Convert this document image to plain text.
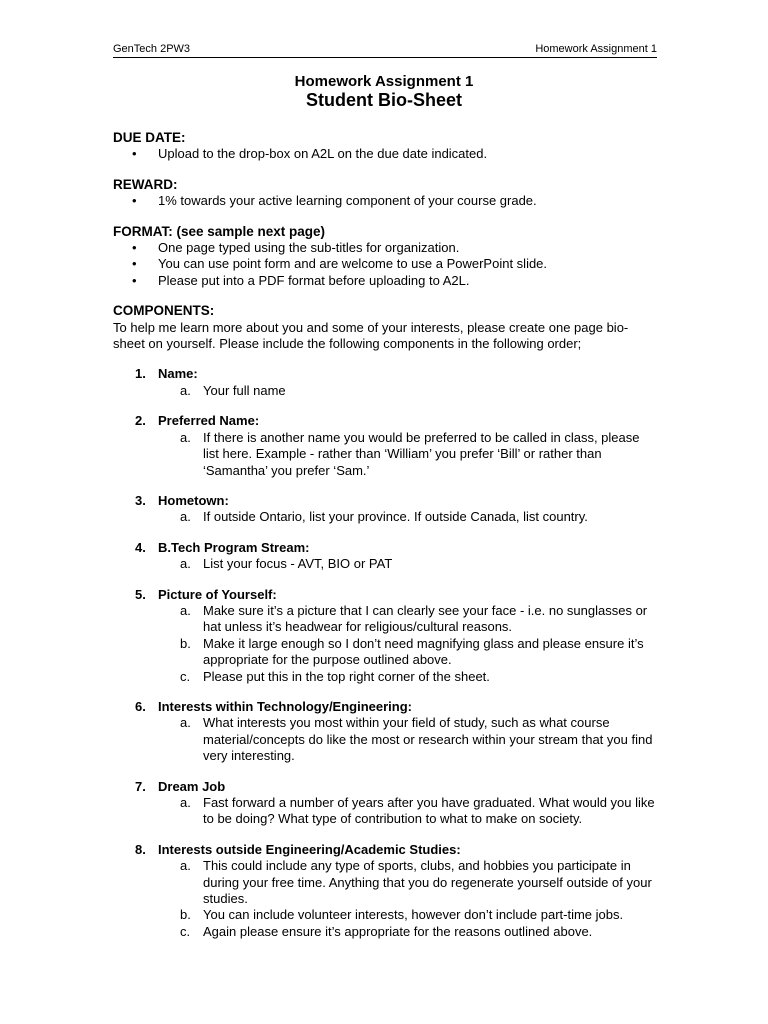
GenTech 2PW3	Homework Assignment 1
Homework Assignment 1
Student Bio-Sheet
DUE DATE:
• Upload to the drop-box on A2L on the due date indicated.
REWARD:
• 1% towards your active learning component of your course grade.
FORMAT: (see sample next page)
• One page typed using the sub-titles for organization.
• You can use point form and are welcome to use a PowerPoint slide.
• Please put into a PDF format before uploading to A2L.
COMPONENTS:
To help me learn more about you and some of your interests, please create one page bio-sheet on yourself. Please include the following components in the following order;
1. Name:
a. Your full name
2. Preferred Name:
a. If there is another name you would be preferred to be called in class, please list here. Example - rather than ‘William’ you prefer ‘Bill’ or rather than ‘Samantha’ you prefer ‘Sam.’
3. Hometown:
a. If outside Ontario, list your province. If outside Canada, list country.
4. B.Tech Program Stream:
a. List your focus - AVT, BIO or PAT
5. Picture of Yourself:
a. Make sure it’s a picture that I can clearly see your face - i.e. no sunglasses or hat unless it’s headwear for religious/cultural reasons.
b. Make it large enough so I don’t need magnifying glass and please ensure it’s appropriate for the purpose outlined above.
c. Please put this in the top right corner of the sheet.
6. Interests within Technology/Engineering:
a. What interests you most within your field of study, such as what course material/concepts do like the most or research within your stream that you find very interesting.
7. Dream Job
a. Fast forward a number of years after you have graduated. What would you like to be doing? What type of contribution to what to make on society.
8. Interests outside Engineering/Academic Studies:
a. This could include any type of sports, clubs, and hobbies you participate in during your free time. Anything that you do regenerate yourself outside of your studies.
b. You can include volunteer interests, however don’t include part-time jobs.
c. Again please ensure it’s appropriate for the reasons outlined above.
